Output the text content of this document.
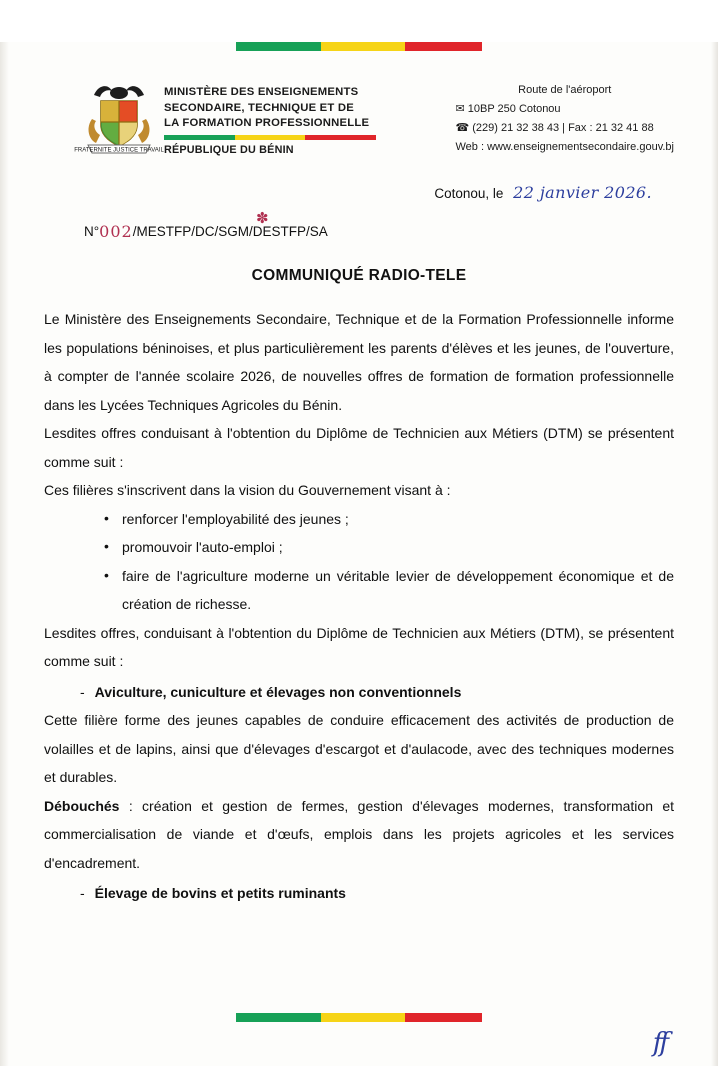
FRATERNITE JUSTICE TRAVAIL
MINISTÈRE DES ENSEIGNEMENTS
SECONDAIRE, TECHNIQUE ET DE
LA FORMATION PROFESSIONNELLE
RÉPUBLIQUE DU BÉNIN
Route de l'aéroport
✉ 10BP 250 Cotonou
☎ (229) 21 32 38 43 | Fax : 21 32 41 88
Web : www.enseignementsecondaire.gouv.bj
Cotonou, le 22 janvier 2026.
N°002/MESTFP/DC/SGM/DESTFP/SA
✽
COMMUNIQUÉ RADIO-TELE

Le Ministère des Enseignements Secondaire, Technique et de la Formation Professionnelle informe les populations béninoises, et plus particulièrement les parents d'élèves et les jeunes, de l'ouverture, à compter de l'année scolaire 2026, de nouvelles offres de formation de formation professionnelle dans les Lycées Techniques Agricoles du Bénin.

Lesdites offres conduisant à l'obtention du Diplôme de Technicien aux Métiers (DTM) se présentent comme suit :

Ces filières s'inscrivent dans la vision du Gouvernement visant à :

• renforcer l'employabilité des jeunes ;
• promouvoir l'auto-emploi ;
• faire de l'agriculture moderne un véritable levier de développement économique et de création de richesse.

Lesdites offres, conduisant à l'obtention du Diplôme de Technicien aux Métiers (DTM), se présentent comme suit :

- Aviculture, cuniculture et élevages non conventionnels

Cette filière forme des jeunes capables de conduire efficacement des activités de production de volailles et de lapins, ainsi que d'élevages d'escargot et d'aulacode, avec des techniques modernes et durables.

Débouchés : création et gestion de fermes, gestion d'élevages modernes, transformation et commercialisation de viande et d'œufs, emplois dans les projets agricoles et les services d'encadrement.

- Élevage de bovins et petits ruminants
ff
